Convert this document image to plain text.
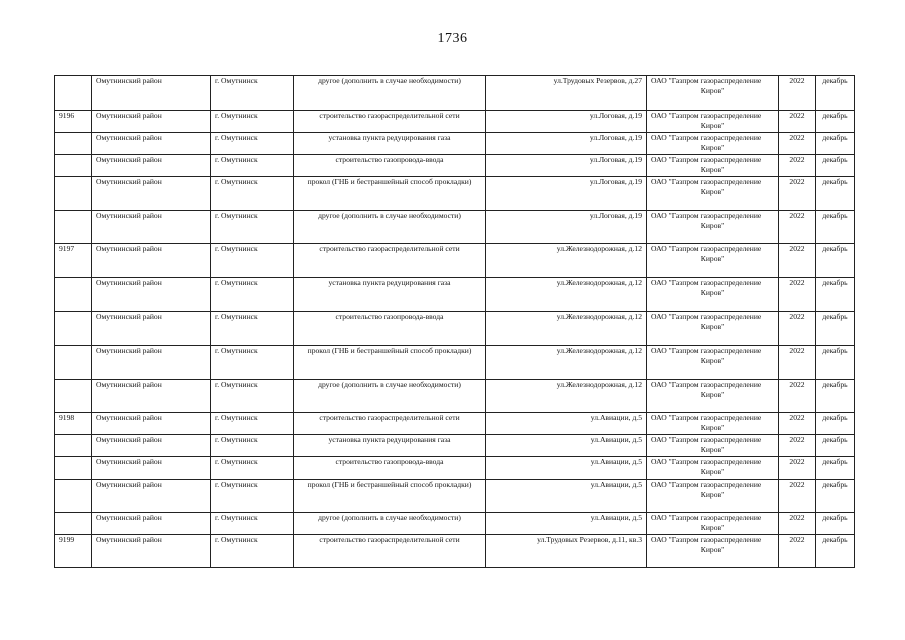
1736
	Омутнинский район	г. Омутнинск	другое (дополнить в случае необходимости)	ул.Трудовых Резервов, д.27	ОАО "Газпром газораспределение
Киров"	2022	декабрь
9196	Омутнинский район	г. Омутнинск	строительство газораспределительной сети	ул.Логовая, д.19	ОАО "Газпром газораспределение
Киров"	2022	декабрь
	Омутнинский район	г. Омутнинск	установка пункта редуцирования газа	ул.Логовая, д.19	ОАО "Газпром газораспределение
Киров"	2022	декабрь
	Омутнинский район	г. Омутнинск	строительство газопровода-ввода	ул.Логовая, д.19	ОАО "Газпром газораспределение
Киров"	2022	декабрь
	Омутнинский район	г. Омутнинск	прокол (ГНБ и бестраншейный способ прокладки)	ул.Логовая, д.19	ОАО "Газпром газораспределение
Киров"	2022	декабрь
	Омутнинский район	г. Омутнинск	другое (дополнить в случае необходимости)	ул.Логовая, д.19	ОАО "Газпром газораспределение
Киров"	2022	декабрь
9197	Омутнинский район	г. Омутнинск	строительство газораспределительной сети	ул.Железнодорожная, д.12	ОАО "Газпром газораспределение
Киров"	2022	декабрь
	Омутнинский район	г. Омутнинск	установка пункта редуцирования газа	ул.Железнодорожная, д.12	ОАО "Газпром газораспределение
Киров"	2022	декабрь
	Омутнинский район	г. Омутнинск	строительство газопровода-ввода	ул.Железнодорожная, д.12	ОАО "Газпром газораспределение
Киров"	2022	декабрь
	Омутнинский район	г. Омутнинск	прокол (ГНБ и бестраншейный способ прокладки)	ул.Железнодорожная, д.12	ОАО "Газпром газораспределение
Киров"	2022	декабрь
	Омутнинский район	г. Омутнинск	другое (дополнить в случае необходимости)	ул.Железнодорожная, д.12	ОАО "Газпром газораспределение
Киров"	2022	декабрь
9198	Омутнинский район	г. Омутнинск	строительство газораспределительной сети	ул.Авиации, д.5	ОАО "Газпром газораспределение
Киров"	2022	декабрь
	Омутнинский район	г. Омутнинск	установка пункта редуцирования газа	ул.Авиации, д.5	ОАО "Газпром газораспределение
Киров"	2022	декабрь
	Омутнинский район	г. Омутнинск	строительство газопровода-ввода	ул.Авиации, д.5	ОАО "Газпром газораспределение
Киров"	2022	декабрь
	Омутнинский район	г. Омутнинск	прокол (ГНБ и бестраншейный способ прокладки)	ул.Авиации, д.5	ОАО "Газпром газораспределение
Киров"	2022	декабрь
	Омутнинский район	г. Омутнинск	другое (дополнить в случае необходимости)	ул.Авиации, д.5	ОАО "Газпром газораспределение
Киров"	2022	декабрь
9199	Омутнинский район	г. Омутнинск	строительство газораспределительной сети	ул.Трудовых Резервов, д.11, кв.3	ОАО "Газпром газораспределение
Киров"	2022	декабрь
